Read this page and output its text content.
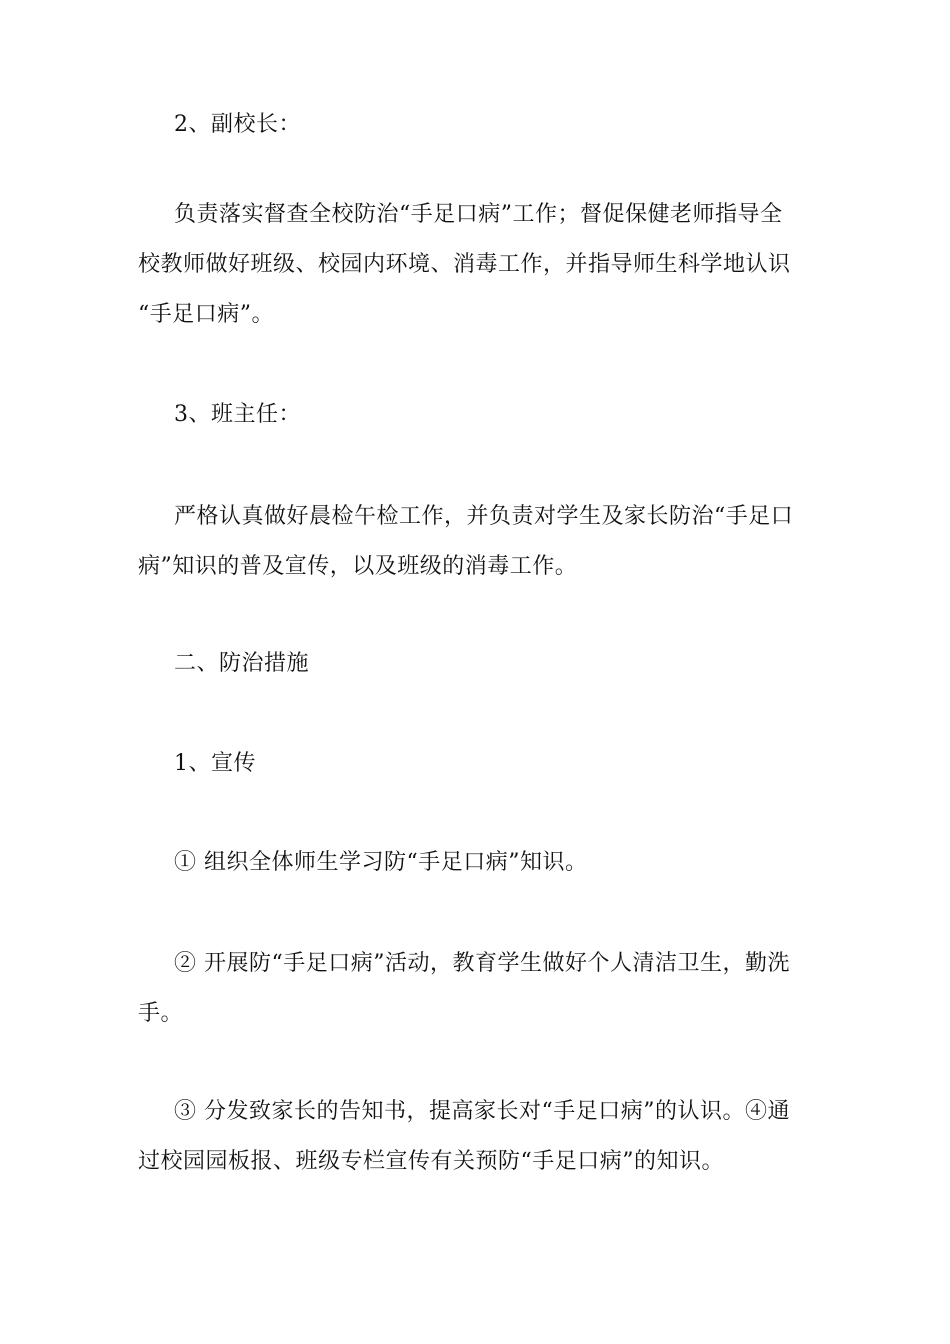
2、副校长：
负责落实督查全校防治“手足口病”工作；督促保健老师指导全
校教师做好班级、校园内环境、消毒工作，并指导师生科学地认识
“手足口病”。
3、班主任：
严格认真做好晨检午检工作，并负责对学生及家长防治“手足口
病”知识的普及宣传，以及班级的消毒工作。
二、防治措施
1、宣传
① 组织全体师生学习防“手足口病”知识。
② 开展防“手足口病”活动，教育学生做好个人清洁卫生，勤洗
手。
③ 分发致家长的告知书，提高家长对“手足口病”的认识。④通
过校园园板报、班级专栏宣传有关预防“手足口病”的知识。
